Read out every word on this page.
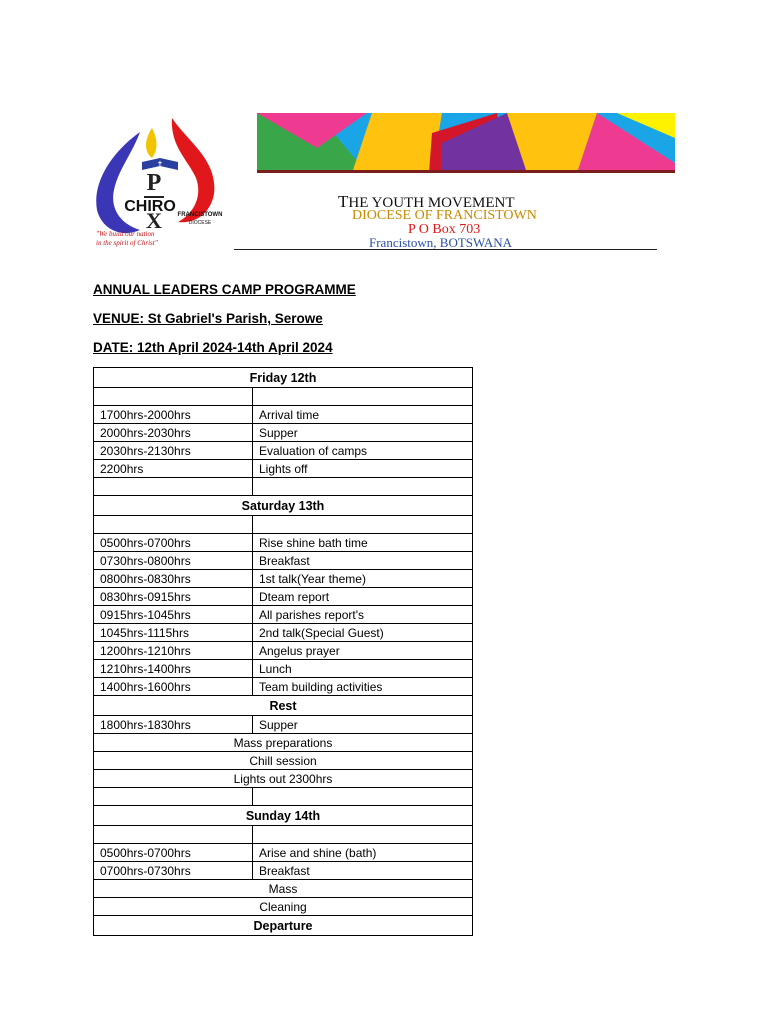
✝
P
X
CHIRO FRANCISTOWN
DIOCESE
"We build our nation
in the spirit of Christ"
THE YOUTH MOVEMENT
DIOCESE OF FRANCISTOWN
P O Box 703
Francistown, BOTSWANA
ANNUAL LEADERS CAMP PROGRAMME
VENUE: St Gabriel's Parish, Serowe
DATE: 12th April 2024-14th April 2024
Friday 12th	

1700hrs-2000hrs	Arrival time
2000hrs-2030hrs	Supper
2030hrs-2130hrs	Evaluation of camps
2200hrs	Lights off

Saturday 13th	

0500hrs-0700hrs	Rise shine bath time
0730hrs-0800hrs	Breakfast
0800hrs-0830hrs	1st talk(Year theme)
0830hrs-0915hrs	Dteam report
0915hrs-1045hrs	All parishes report's
1045hrs-1115hrs	2nd talk(Special Guest)
1200hrs-1210hrs	Angelus prayer
1210hrs-1400hrs	Lunch
1400hrs-1600hrs	Team building activities
Rest	
1800hrs-1830hrs	Supper
Mass preparations	
Chill session	
Lights out 2300hrs	

Sunday 14th	

0500hrs-0700hrs	Arise and shine (bath)
0700hrs-0730hrs	Breakfast
Mass	
Cleaning	
Departure	
